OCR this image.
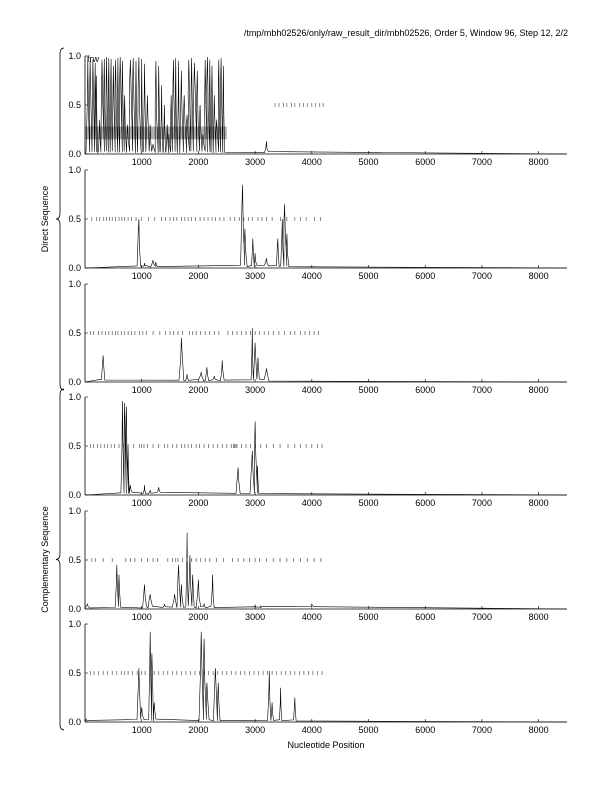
/tmp/mbh02526/only/raw_result_dir/mbh02526, Order 5, Window 96, Step 12, 2/2
0.0
0.5
1.0
1000	2000	3000	4000	5000	6000	7000	8000
0.0
0.5
1.0
1000	2000	3000	4000	5000	6000	7000	8000
0.0
0.5
1.0
1000	2000	3000	4000	5000	6000	7000	8000
0.0
0.5
1.0
1000	2000	3000	4000	5000	6000	7000	8000
0.0
0.5
1.0
1000	2000	3000	4000	5000	6000	7000	8000
0.0
0.5
1.0
1000	2000	3000	4000	5000	6000	7000	8000
frw
Direct Sequence
Complementary Sequence
Nucleotide Position
